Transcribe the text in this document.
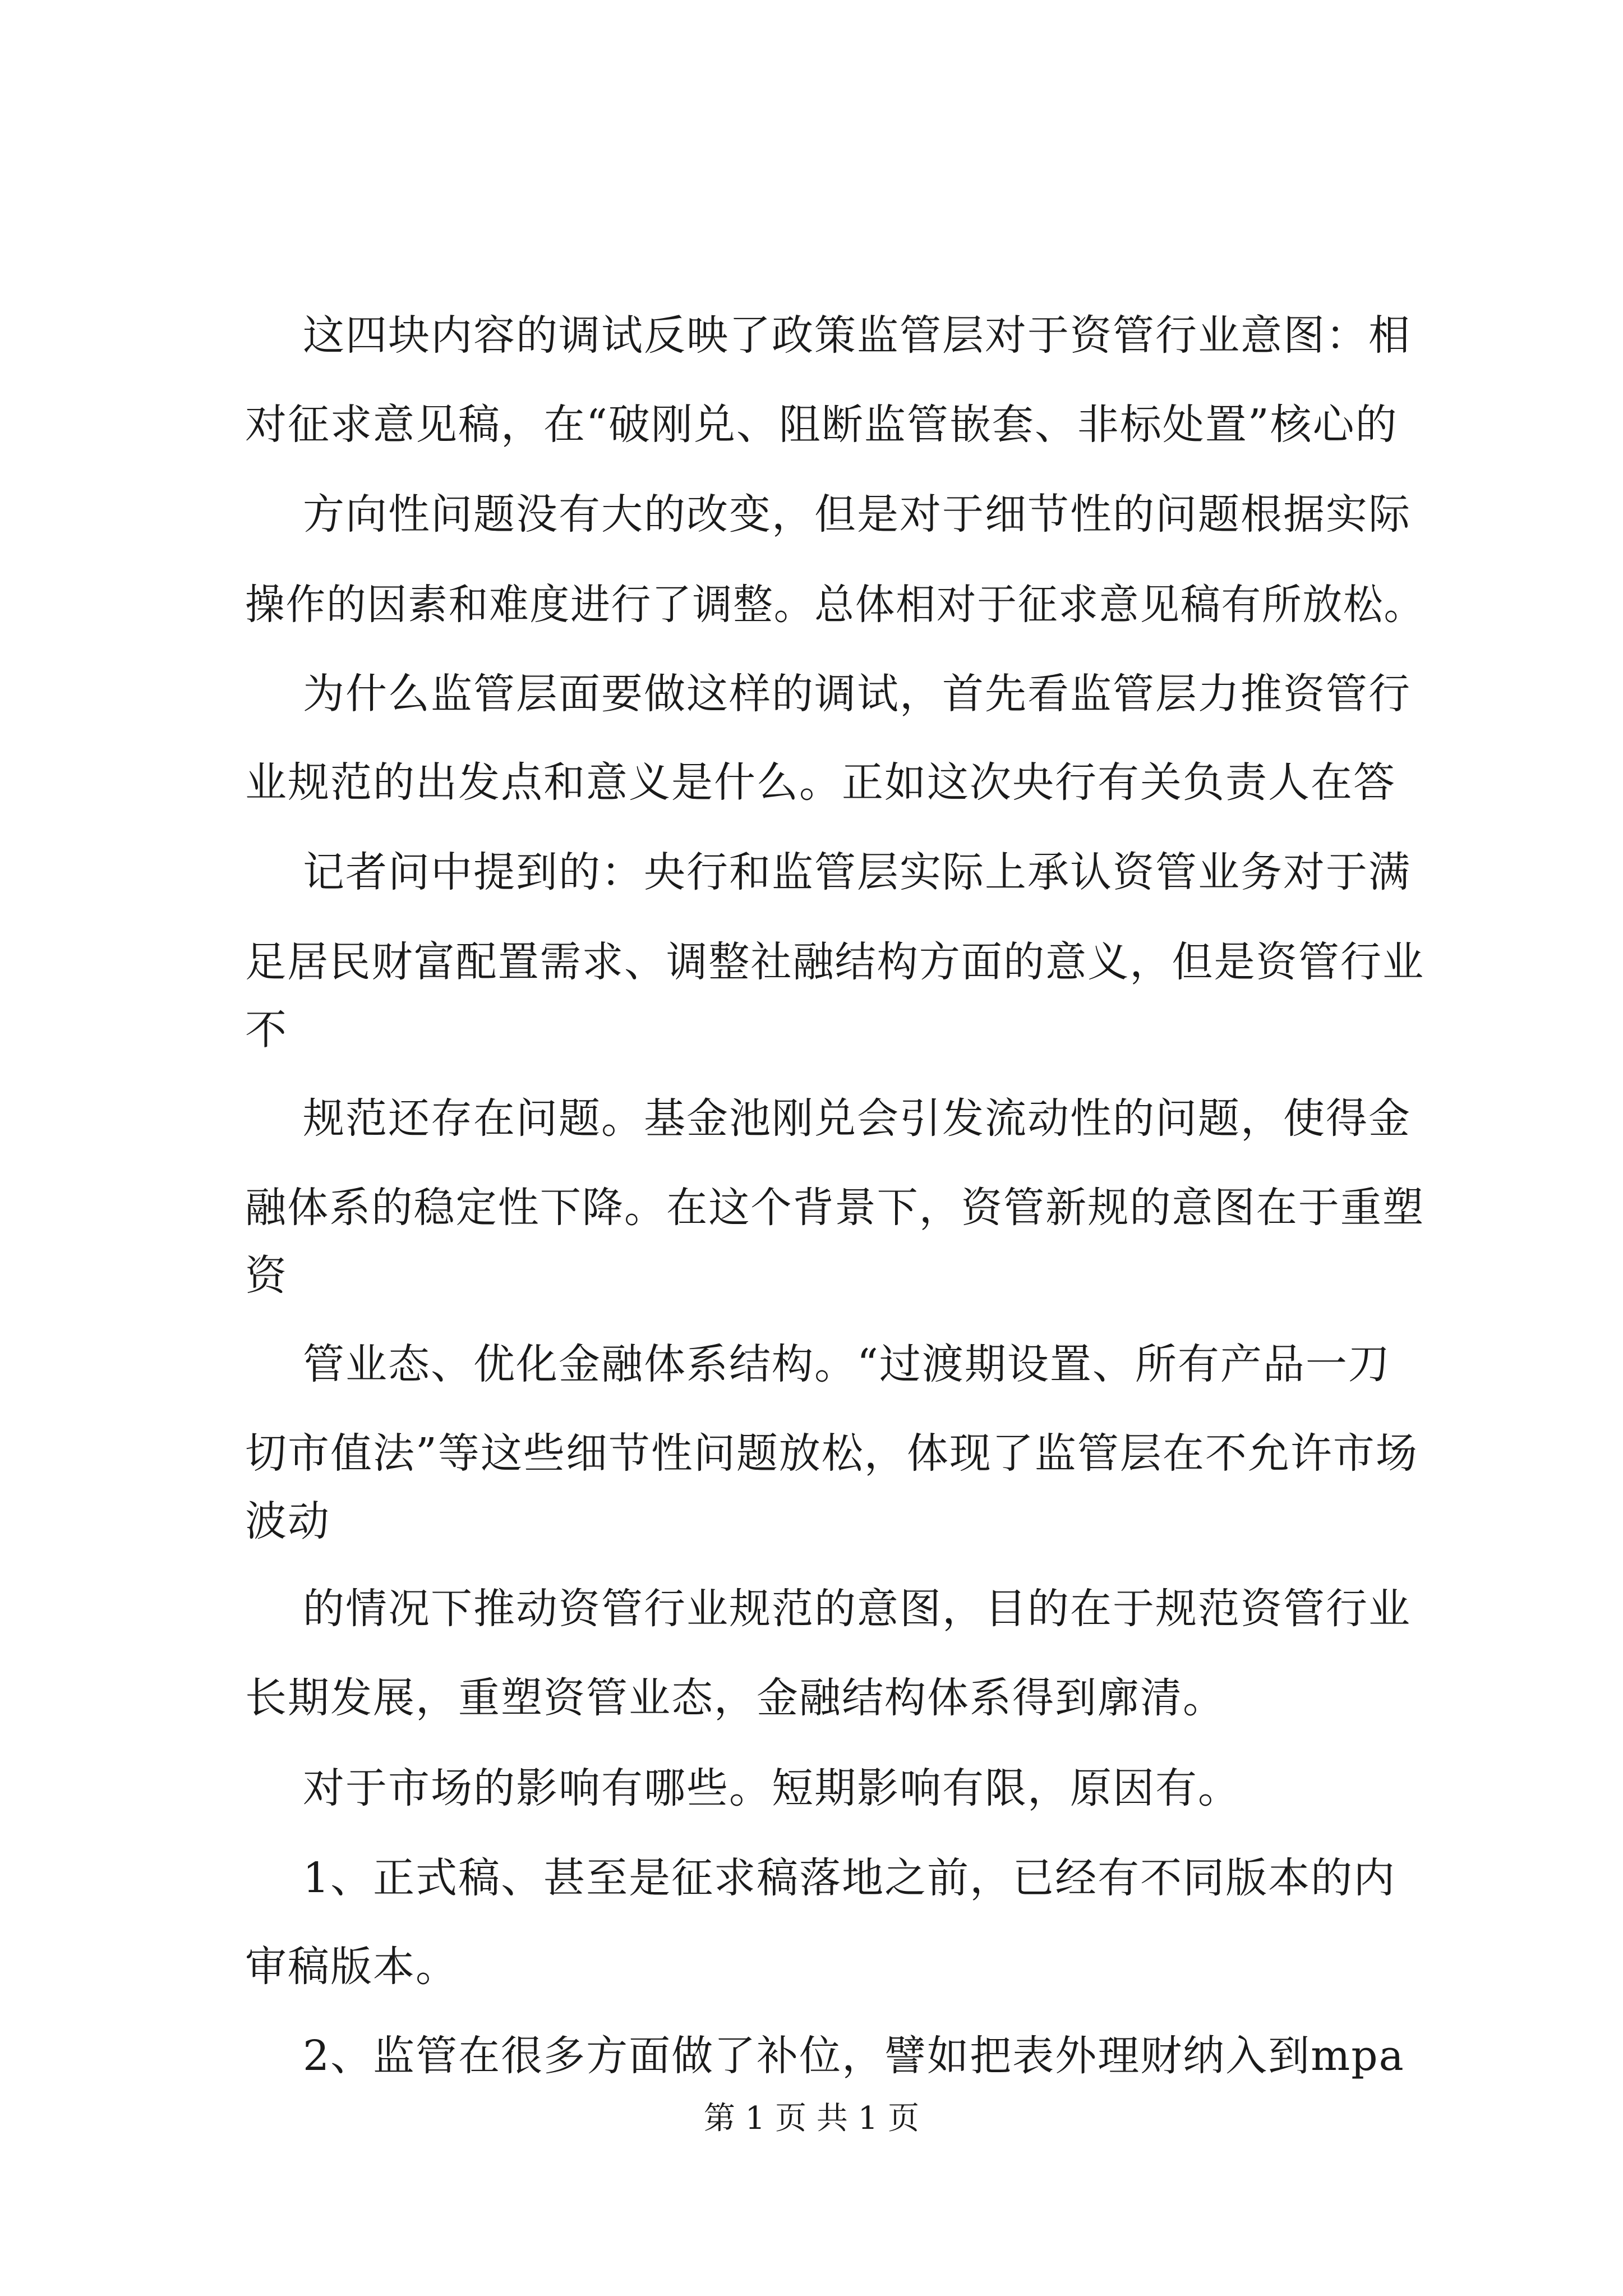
这四块内容的调试反映了政策监管层对于资管行业意图：相
对征求意见稿，在“破刚兑、阻断监管嵌套、非标处置”核心的
方向性问题没有大的改变，但是对于细节性的问题根据实际
操作的因素和难度进行了调整。总体相对于征求意见稿有所放松。
为什么监管层面要做这样的调试，首先看监管层力推资管行
业规范的出发点和意义是什么。正如这次央行有关负责人在答
记者问中提到的：央行和监管层实际上承认资管业务对于满
足居民财富配置需求、调整社融结构方面的意义，但是资管行业
不
规范还存在问题。基金池刚兑会引发流动性的问题，使得金
融体系的稳定性下降。在这个背景下，资管新规的意图在于重塑
资
管业态、优化金融体系结构。“过渡期设置、所有产品一刀
切市值法”等这些细节性问题放松，体现了监管层在不允许市场
波动
的情况下推动资管行业规范的意图，目的在于规范资管行业
长期发展，重塑资管业态，金融结构体系得到廓清。
对于市场的影响有哪些。短期影响有限，原因有。
1、正式稿、甚至是征求稿落地之前，已经有不同版本的内
审稿版本。
2、监管在很多方面做了补位，譬如把表外理财纳入到mpa
第 1 页 共 1 页
